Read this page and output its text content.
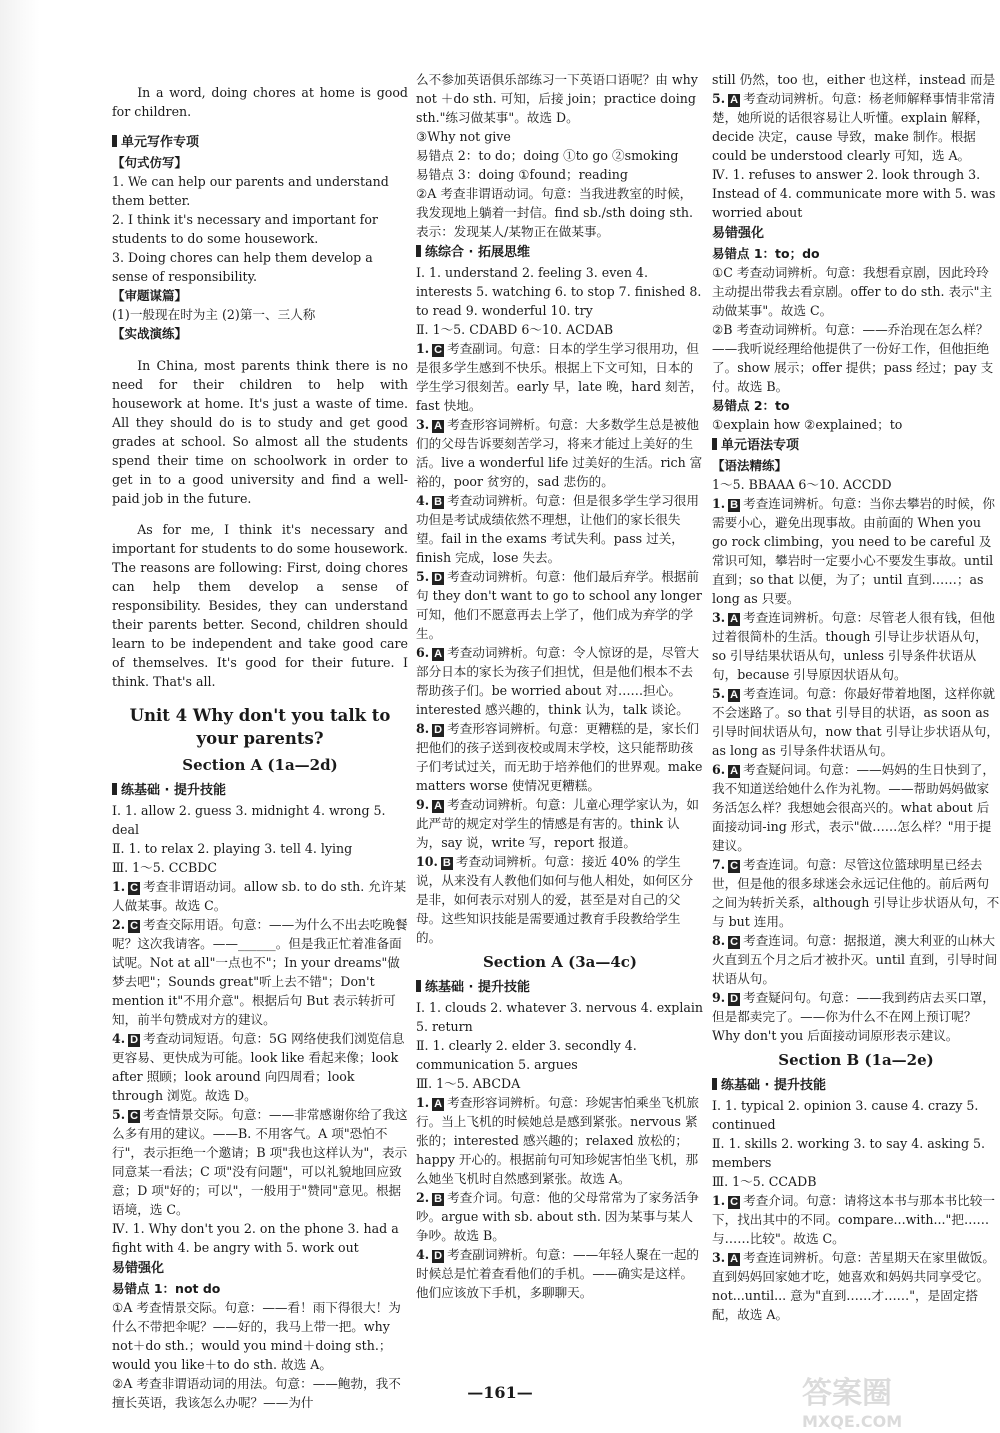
In a word, doing chores at home is good for children.

单元写作专项

【句式仿写】

1. We can help our parents and understand them better.

2. I think it's necessary and important for students to do some housework.

3. Doing chores can help them develop a sense of responsibility.

【审题谋篇】

(1)一般现在时为主 (2)第一、三人称

【实战演练】

In China, most parents think there is no need for their children to help with housework at home. It's just a waste of time. All they should do is to study and get good grades at school. So almost all the students spend their time on schoolwork in order to get in to a good university and find a well-paid job in the future.

As for me, I think it's necessary and important for students to do some housework. The reasons are following: First, doing chores can help them develop a sense of responsibility. Besides, they can understand their parents better. Second, children should learn to be independent and take good care of themselves. It's good for their future. I think. That's all.

Unit 4 Why don't you talk to your parents?
Section A (1a—2d)
练基础 · 提升技能

Ⅰ. 1. allow 2. guess 3. midnight 4. wrong 5. deal

Ⅱ. 1. to relax 2. playing 3. tell 4. lying

Ⅲ. 1～5. CCBDC

1. C 考查非谓语动词。allow sb. to do sth. 允许某人做某事。故选 C。

2. C 考查交际用语。句意：——为什么不出去吃晚餐呢？这次我请客。——______。但是我正忙着准备面试呢。Not at all"一点也不"；In your dreams"做梦去吧"；Sounds great"听上去不错"；Don't mention it"不用介意"。根据后句 But 表示转折可知，前半句赞成对方的建议。

4. D 考查动词短语。句意：5G 网络使我们浏览信息更容易、更快成为可能。look like 看起来像；look after 照顾；look around 向四周看；look through 浏览。故选 D。

5. C 考查情景交际。句意：——非常感谢你给了我这么多有用的建议。——B. 不用客气。A 项"恐怕不行"，表示拒绝一个邀请；B 项"我也这样认为"，表示同意某一看法；C 项"没有问题"，可以礼貌地回应致意；D 项"好的；可以"，一般用于"赞同"意见。根据语境，选 C。

Ⅳ. 1. Why don't you 2. on the phone 3. had a fight with 4. be angry with 5. work out

易错强化

易错点 1：not do

①A 考查情景交际。句意：——看！雨下得很大！为什么不带把伞呢？——好的，我马上带一把。why not＋do sth.；would you mind＋doing sth.；would you like＋to do sth. 故选 A。

②A 考查非谓语动词的用法。句意：——鲍勃，我不擅长英语，我该怎么办呢？——为什

么不参加英语俱乐部练习一下英语口语呢？由 why not ＋do sth. 可知，后接 join；practice doing sth."练习做某事"。故选 D。

③Why not give

易错点 2：to do；doing ①to go ②smoking

易错点 3：doing ①found；reading

②A 考查非谓语动词。句意：当我进教室的时候，我发现地上躺着一封信。find sb./sth doing sth. 表示：发现某人/某物正在做某事。

练综合 · 拓展思维

Ⅰ. 1. understand 2. feeling 3. even 4. interests 5. watching 6. to stop 7. finished 8. to read 9. wonderful 10. try

Ⅱ. 1～5. CDABD 6～10. ACDAB

1. C 考查副词。句意：日本的学生学习很用功，但是很多学生感到不快乐。根据上下文可知，日本的学生学习很刻苦。early 早，late 晚，hard 刻苦，fast 快地。

3. A 考查形容词辨析。句意：大多数学生总是被他们的父母告诉要刻苦学习，将来才能过上美好的生活。live a wonderful life 过美好的生活。rich 富裕的，poor 贫穷的，sad 悲伤的。

4. B 考查动词辨析。句意：但是很多学生学习很用功但是考试成绩依然不理想，让他们的家长很失望。fail in the exams 考试失利。pass 过关，finish 完成，lose 失去。

5. D 考查动词辨析。句意：他们最后弃学。根据前句 they don't want to go to school any longer 可知，他们不愿意再去上学了，他们成为弃学的学生。

6. A 考查动词辨析。句意：令人惊讶的是，尽管大部分日本的家长为孩子们担忧，但是他们根本不去帮助孩子们。be worried about 对……担心。interested 感兴趣的，think 认为，talk 谈论。

8. D 考查形容词辨析。句意：更糟糕的是，家长们把他们的孩子送到夜校或周末学校，这只能帮助孩子们考试过关，而无助于培养他们的世界观。make matters worse 使情况更糟糕。

9. A 考查动词辨析。句意：儿童心理学家认为，如此严苛的规定对学生的情感是有害的。think 认为，say 说，write 写，report 报道。

10. B 考查动词辨析。句意：接近 40% 的学生说，从来没有人教他们如何与他人相处，如何区分是非，如何表示对别人的爱，甚至是对自己的父母。这些知识技能是需要通过教育手段教给学生的。

Section A (3a—4c)
练基础 · 提升技能

Ⅰ. 1. clouds 2. whatever 3. nervous 4. explain 5. return

Ⅱ. 1. clearly 2. elder 3. secondly 4. communication 5. argues

Ⅲ. 1～5. ABCDA

1. A 考查形容词辨析。句意：珍妮害怕乘坐飞机旅行。当上飞机的时候她总是感到紧张。nervous 紧张的；interested 感兴趣的；relaxed 放松的；happy 开心的。根据前句可知珍妮害怕坐飞机，那么她坐飞机时自然感到紧张。故选 A。

2. B 考查介词。句意：他的父母常常为了家务活争吵。argue with sb. about sth. 因为某事与某人争吵。故选 B。

4. D 考查副词辨析。句意：——年轻人聚在一起的时候总是忙着查看他们的手机。——确实是这样。他们应该放下手机，多聊聊天。

still 仍然，too 也，either 也这样，instead 而是

5. A 考查动词辨析。句意：杨老师解释事情非常清楚，她所说的话很容易让人听懂。explain 解释，decide 决定，cause 导致，make 制作。根据 could be understood clearly 可知，选 A。

Ⅳ. 1. refuses to answer 2. look through 3. Instead of 4. communicate more with 5. was worried about

易错强化

易错点 1：to；do

①C 考查动词辨析。句意：我想看京剧，因此玲玲主动提出带我去看京剧。offer to do sth. 表示"主动做某事"。故选 C。

②B 考查动词辨析。句意：——乔治现在怎么样？——我听说经理给他提供了一份好工作，但他拒绝了。show 展示；offer 提供；pass 经过；pay 支付。故选 B。

易错点 2：to

①explain how ②explained；to

单元语法专项

【语法精练】

1～5. BBAAA 6～10. ACCDD

1. B 考查连词辨析。句意：当你去攀岩的时候，你需要小心，避免出现事故。由前面的 When you go rock climbing，you need to be careful 及常识可知，攀岩时一定要小心不要发生事故。until 直到；so that 以便，为了；until 直到……；as long as 只要。

3. A 考查连词辨析。句意：尽管老人很有钱，但他过着很简朴的生活。though 引导让步状语从句，so 引导结果状语从句，unless 引导条件状语从句，because 引导原因状语从句。

5. A 考查连词。句意：你最好带着地图，这样你就不会迷路了。so that 引导目的状语，as soon as 引导时间状语从句，now that 引导让步状语从句，as long as 引导条件状语从句。

6. A 考查疑问词。句意：——妈妈的生日快到了，我不知道送给她什么作为礼物。——帮助妈妈做家务活怎么样？我想她会很高兴的。what about 后面接动词-ing 形式，表示"做……怎么样？"用于提建议。

7. C 考查连词。句意：尽管这位篮球明星已经去世，但是他的很多球迷会永远记住他的。前后两句之间为转折关系，although 引导让步状语从句，不与 but 连用。

8. C 考查连词。句意：据报道，澳大利亚的山林大火直到五个月之后才被扑灭。until 直到，引导时间状语从句。

9. D 考查疑问句。句意：——我到药店去买口罩，但是都卖完了。——你为什么不在网上预订呢？Why don't you 后面接动词原形表示建议。

Section B (1a—2e)
练基础 · 提升技能

Ⅰ. 1. typical 2. opinion 3. cause 4. crazy 5. continued

Ⅱ. 1. skills 2. working 3. to say 4. asking 5. members

Ⅲ. 1～5. CCADB

1. C 考查介词。句意：请将这本书与那本书比较一下，找出其中的不同。compare...with..."把……与……比较"。故选 C。

3. A 考查连词辨析。句意：苦星期天在家里做饭。直到妈妈回家她才吃，她喜欢和妈妈共同享受它。not...until... 意为"直到……才……"，是固定搭配，故选 A。

—161—	答案圈
MXQE.COM
